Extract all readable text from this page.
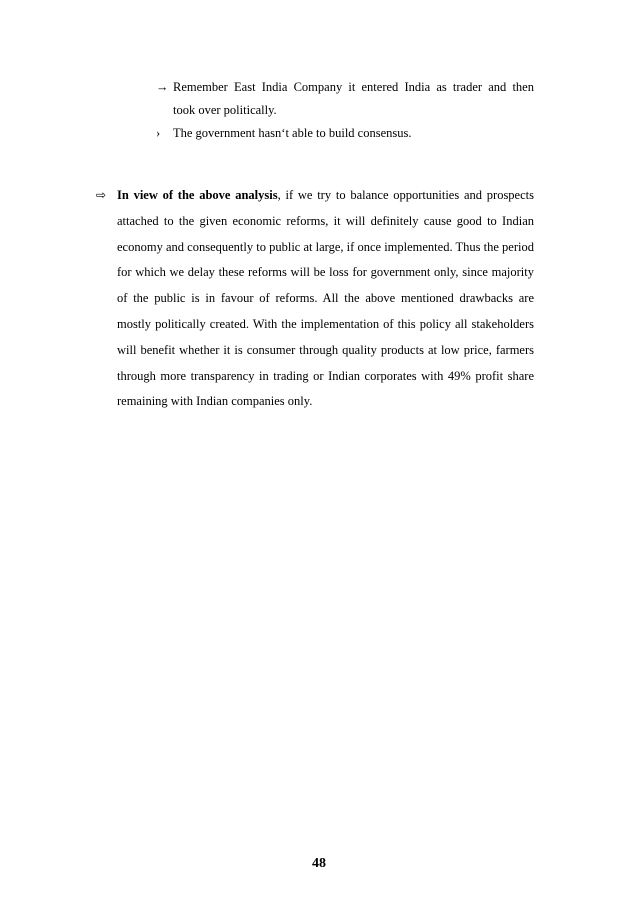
→ Remember East India Company it entered India as trader and then
took over politically.
›	The government hasn‘t able to build consensus.
⇨ In view of the above analysis, if we try to balance opportunities and prospects attached to the given economic reforms, it will definitely cause good to Indian economy and consequently to public at large, if once implemented. Thus the period for which we delay these reforms will be loss for government only, since majority of the public is in favour of reforms. All the above mentioned drawbacks are mostly politically created. With the implementation of this policy all stakeholders will benefit whether it is consumer through quality products at low price, farmers through more transparency in trading or Indian corporates with 49% profit share remaining with Indian companies only.
48
